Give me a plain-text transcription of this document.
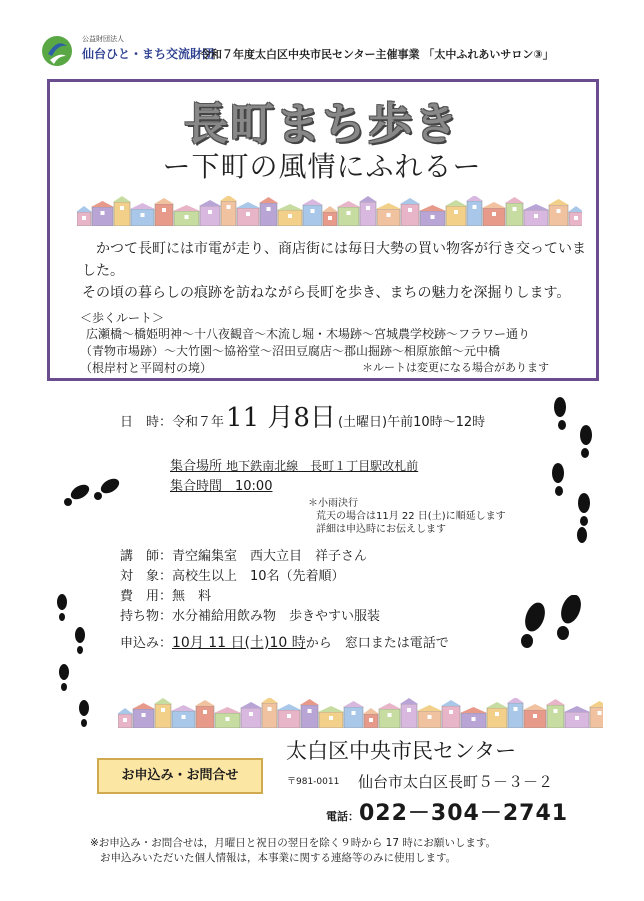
公益財団法人
仙台ひと・まち交流財団
令和７年度太白区中央市民センター主催事業 「太中ふれあいサロン③」
長町まち歩き
ー下町の風情にふれるー
かつて長町には市電が走り、商店街には毎日大勢の買い物客が行き交っていました。
その頃の暮らしの痕跡を訪ねながら長町を歩き、まちの魅力を深掘りします。
＜歩くルート＞
広瀬橋～橋姫明神～十八夜観音～木流し堀・木場跡～宮城農学校跡～フラワー通り
（青物市場跡）～大竹園～協裕堂～沼田豆腐店～郡山掘跡～相原旅館～元中橋
（根岸村と平岡村の境）	＊ルートは変更になる場合があります
日　時： 令和７年 11 月8日 (土曜日) 午前10時～12時
集合場所 地下鉄南北線　長町１丁目駅改札前
集合時間　10:00
＊小雨決行
荒天の場合は11月 22 日(土)に順延します
詳細は申込時にお伝えします
講　師：青空編集室　西大立目　祥子さん
対　象：高校生以上　10名（先着順）
費　用：無　料
持ち物：水分補給用飲み物　歩きやすい服装
申込み：10月 11 日(土)10 時から　窓口または電話で
太白区中央市民センター
お申込み・お問合せ	〒981-0011 仙台市太白区長町５－３－２
電話： 022－304－2741
※お申込み・お問合せは，月曜日と祝日の翌日を除く９時から 17 時にお願いします。
お申込みいただいた個人情報は，本事業に関する連絡等のみに使用します。
